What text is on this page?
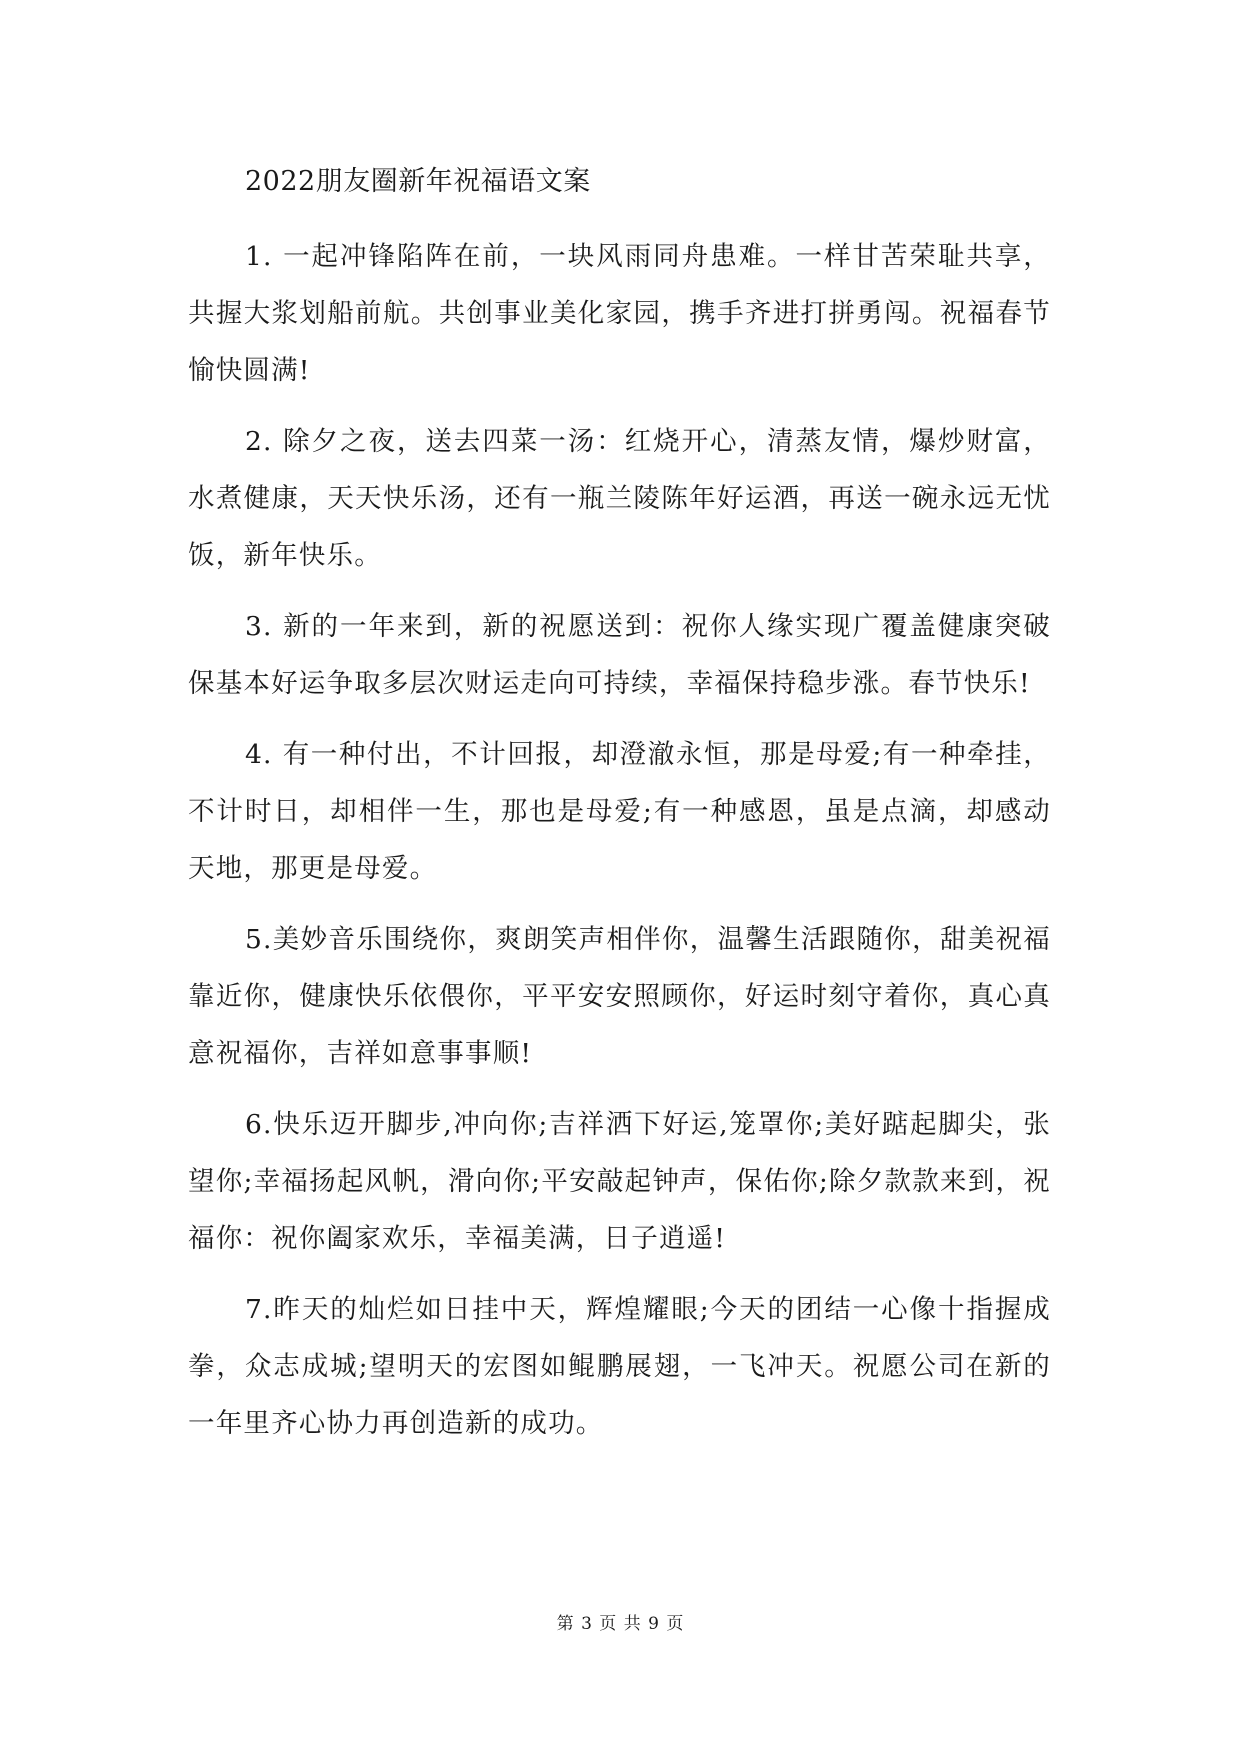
2022朋友圈新年祝福语文案

1. 一起冲锋陷阵在前，一块风雨同舟患难。一样甘苦荣耻共享，共握大浆划船前航。共创事业美化家园，携手齐进打拼勇闯。祝福春节愉快圆满!

2. 除夕之夜，送去四菜一汤：红烧开心，清蒸友情，爆炒财富，水煮健康，天天快乐汤，还有一瓶兰陵陈年好运酒，再送一碗永远无忧饭，新年快乐。

3. 新的一年来到，新的祝愿送到：祝你人缘实现广覆盖健康突破保基本好运争取多层次财运走向可持续，幸福保持稳步涨。春节快乐!

4. 有一种付出，不计回报，却澄澈永恒，那是母爱;有一种牵挂，不计时日，却相伴一生，那也是母爱;有一种感恩，虽是点滴，却感动天地，那更是母爱。

5.美妙音乐围绕你，爽朗笑声相伴你，温馨生活跟随你，甜美祝福靠近你，健康快乐依偎你，平平安安照顾你，好运时刻守着你，真心真意祝福你，吉祥如意事事顺!

6.快乐迈开脚步,冲向你;吉祥洒下好运,笼罩你;美好踮起脚尖，张望你;幸福扬起风帆，滑向你;平安敲起钟声，保佑你;除夕款款来到，祝福你：祝你阖家欢乐，幸福美满，日子逍遥!

7.昨天的灿烂如日挂中天，辉煌耀眼;今天的团结一心像十指握成拳，众志成城;望明天的宏图如鲲鹏展翅，一飞冲天。祝愿公司在新的一年里齐心协力再创造新的成功。

第 3 页 共 9 页
